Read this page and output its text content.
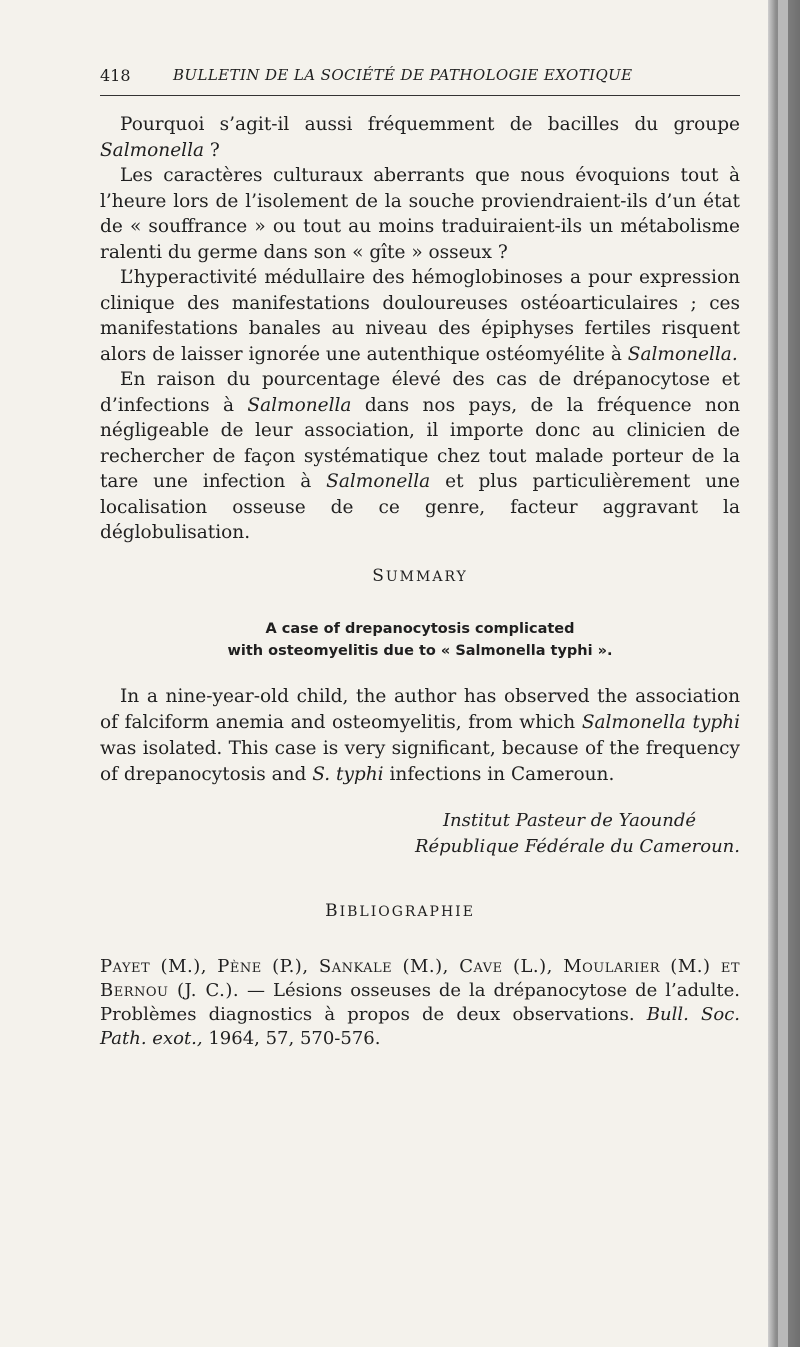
418	BULLETIN DE LA SOCIÉTÉ DE PATHOLOGIE EXOTIQUE

Pourquoi s’agit-il aussi fréquemment de bacilles du groupe Salmonella ?

Les caractères culturaux aberrants que nous évoquions tout à l’heure lors de l’isolement de la souche proviendraient-ils d’un état de « souffrance » ou tout au moins traduiraient-ils un métabolisme ralenti du germe dans son « gîte » osseux ?

L’hyperactivité médullaire des hémoglobinoses a pour expression clinique des manifestations douloureuses ostéoarticulaires ; ces manifestations banales au niveau des épiphyses fertiles risquent alors de laisser ignorée une autenthique ostéomyélite à Salmonella.

En raison du pourcentage élevé des cas de drépanocytose et d’infections à Salmonella dans nos pays, de la fréquence non négligeable de leur association, il importe donc au clinicien de rechercher de façon systématique chez tout malade porteur de la tare une infection à Salmonella et plus particulièrement une localisation osseuse de ce genre, facteur aggravant la déglobulisation.

SUMMARY
A case of drepanocytosis complicated
with osteomyelitis due to « Salmonella typhi ».

In a nine-year-old child, the author has observed the association of falciform anemia and osteomyelitis, from which Salmonella typhi was isolated. This case is very significant, because of the frequency of drepanocytosis and S. typhi infections in Cameroun.

Institut Pasteur de Yaoundé
République Fédérale du Cameroun.
BIBLIOGRAPHIE
Payet (M.), Pène (P.), Sankale (M.), Cave (L.), Moularier (M.) et Bernou (J. C.). — Lésions osseuses de la drépanocytose de l’adulte. Problèmes diagnostics à propos de deux observations. Bull. Soc. Path. exot., 1964, 57, 570-576.
